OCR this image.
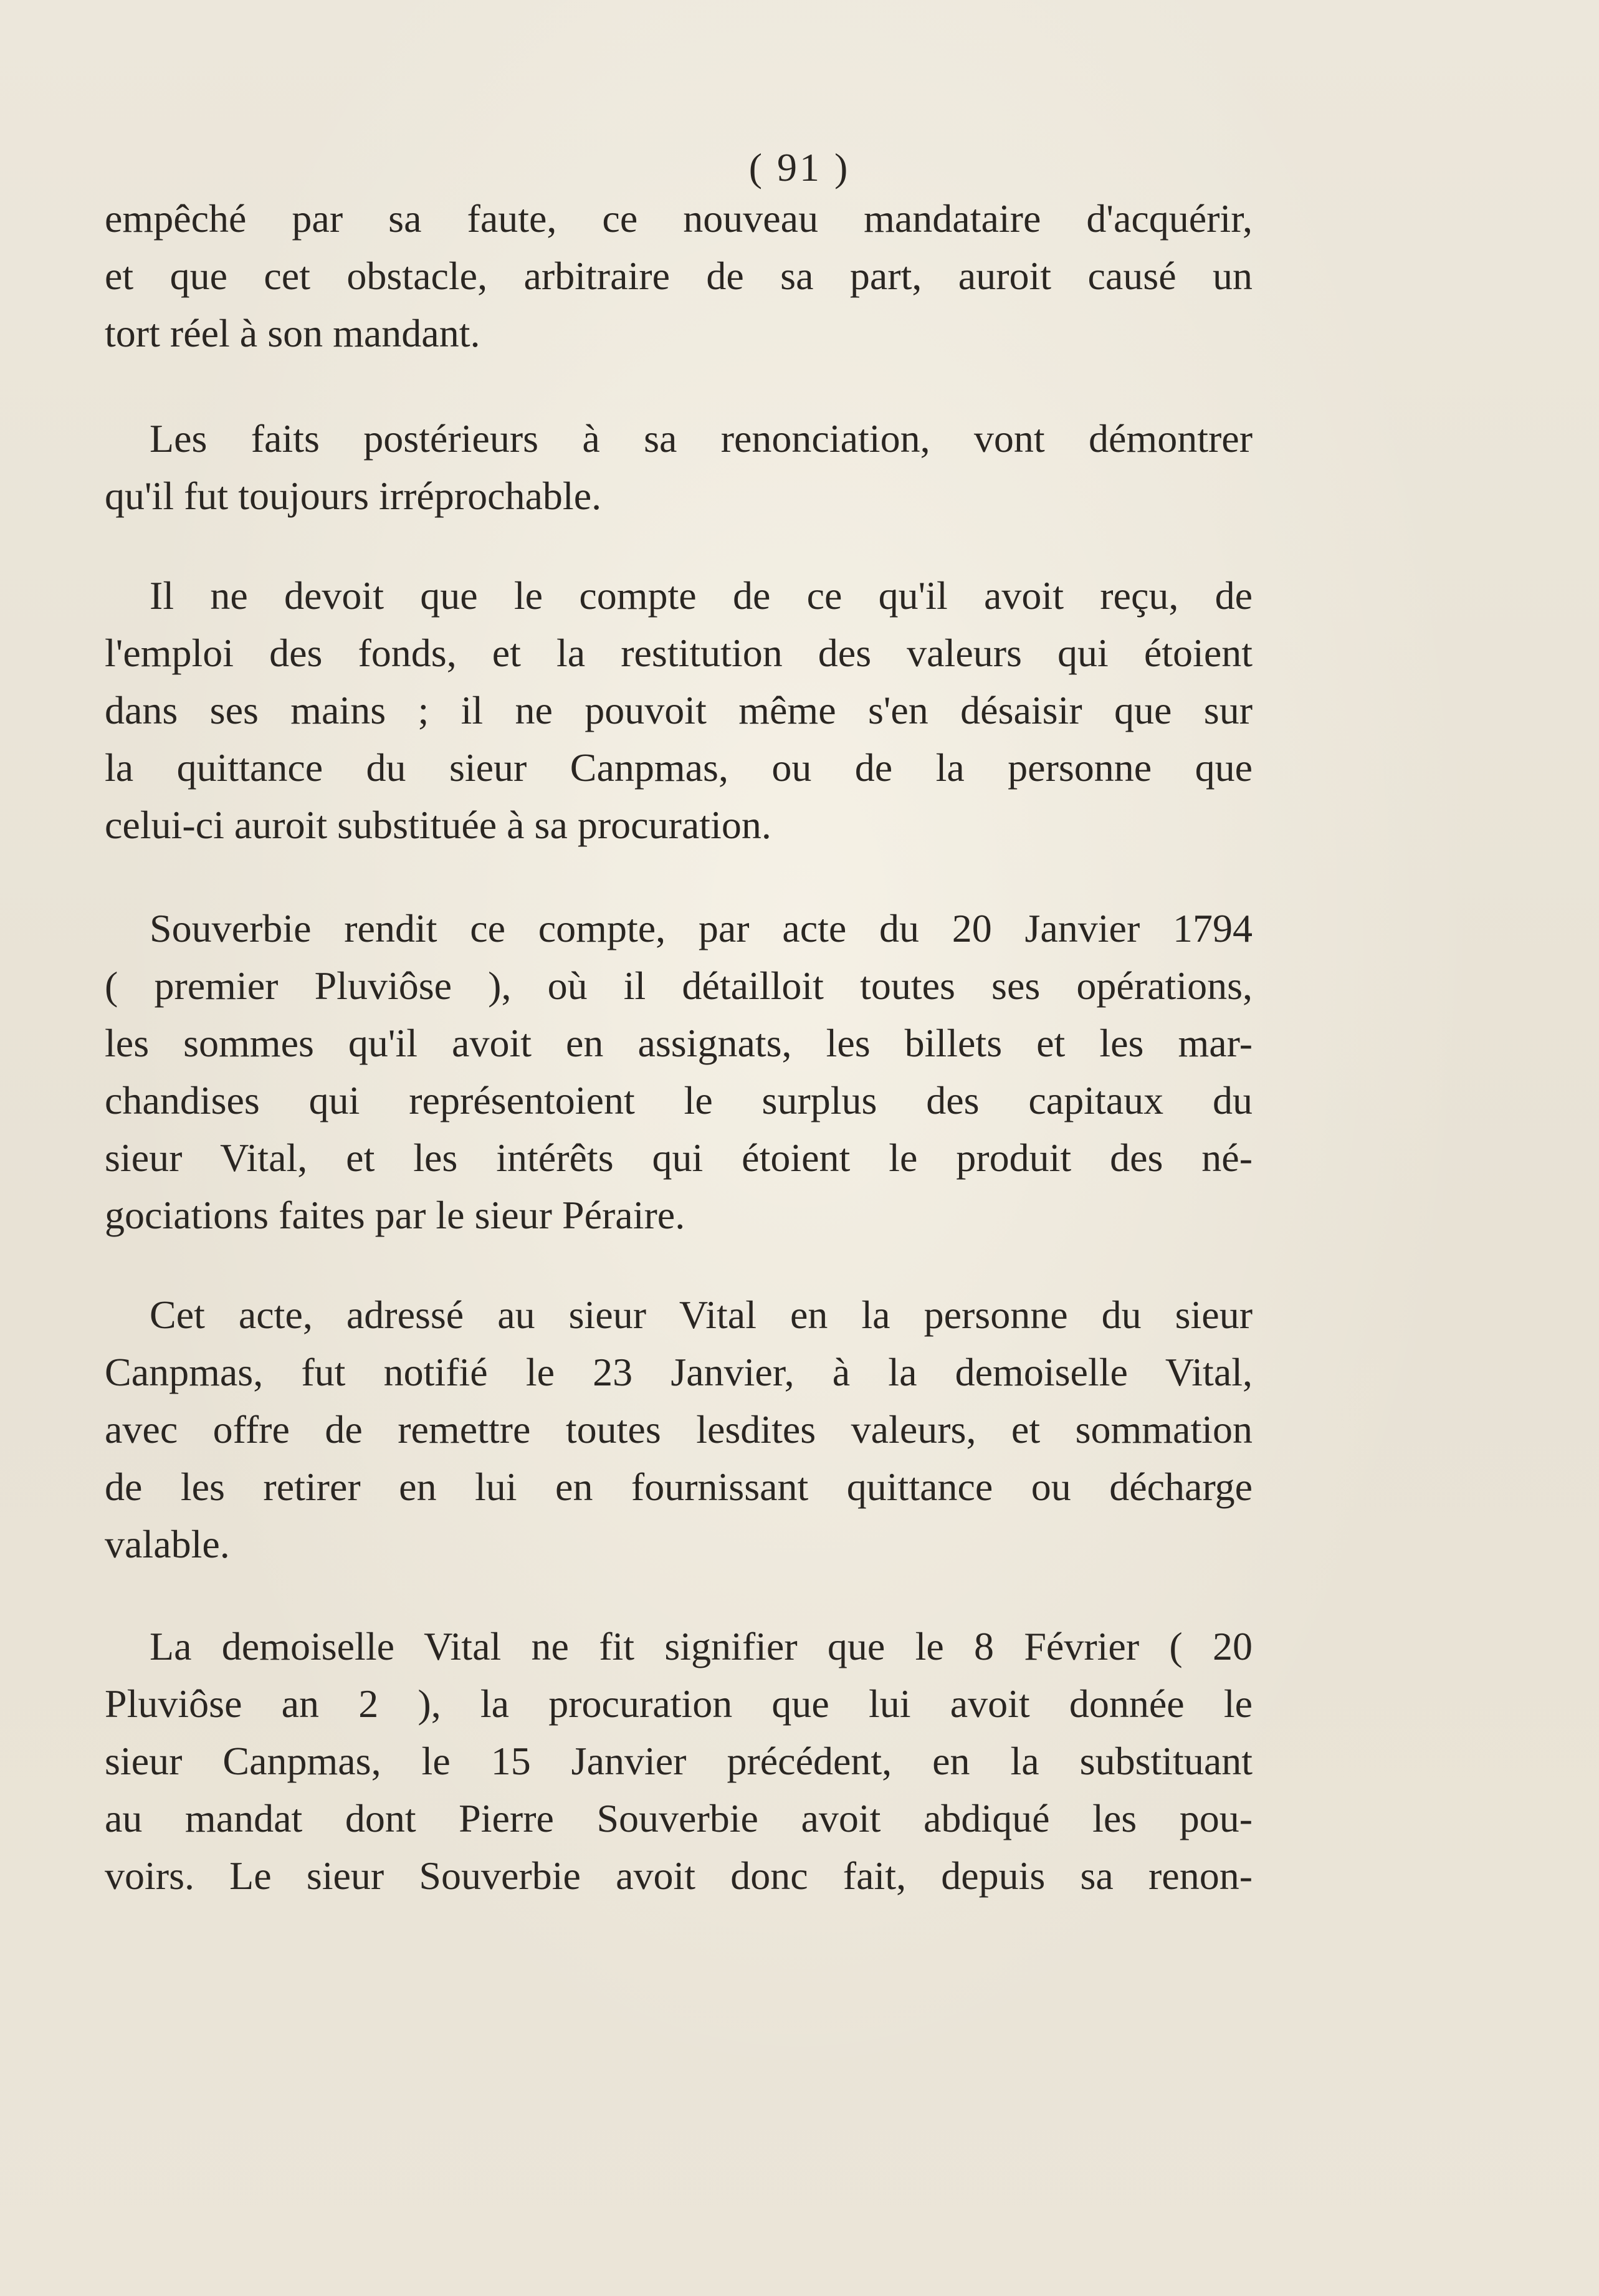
( 91 )
empêché par sa faute, ce nouveau mandataire d'acquérir,
et que cet obstacle, arbitraire de sa part, auroit causé un
tort réel à son mandant.
Les faits postérieurs à sa renonciation, vont démontrer
qu'il fut toujours irréprochable.
Il ne devoit que le compte de ce qu'il avoit reçu, de
l'emploi des fonds, et la restitution des valeurs qui étoient
dans ses mains ; il ne pouvoit même s'en désaisir que sur
la quittance du sieur Canpmas, ou de la personne que
celui-ci auroit substituée à sa procuration.
Souverbie rendit ce compte, par acte du 20 Janvier 1794
( premier Pluviôse ), où il détailloit toutes ses opérations,
les sommes qu'il avoit en assignats, les billets et les mar-
chandises qui représentoient le surplus des capitaux du
sieur Vital, et les intérêts qui étoient le produit des né-
gociations faites par le sieur Péraire.
Cet acte, adressé au sieur Vital en la personne du sieur
Canpmas, fut notifié le 23 Janvier, à la demoiselle Vital,
avec offre de remettre toutes lesdites valeurs, et sommation
de les retirer en lui en fournissant quittance ou décharge
valable.
La demoiselle Vital ne fit signifier que le 8 Février ( 20
Pluviôse an 2 ), la procuration que lui avoit donnée le
sieur Canpmas, le 15 Janvier précédent, en la substituant
au mandat dont Pierre Souverbie avoit abdiqué les pou-
voirs. Le sieur Souverbie avoit donc fait, depuis sa renon-
